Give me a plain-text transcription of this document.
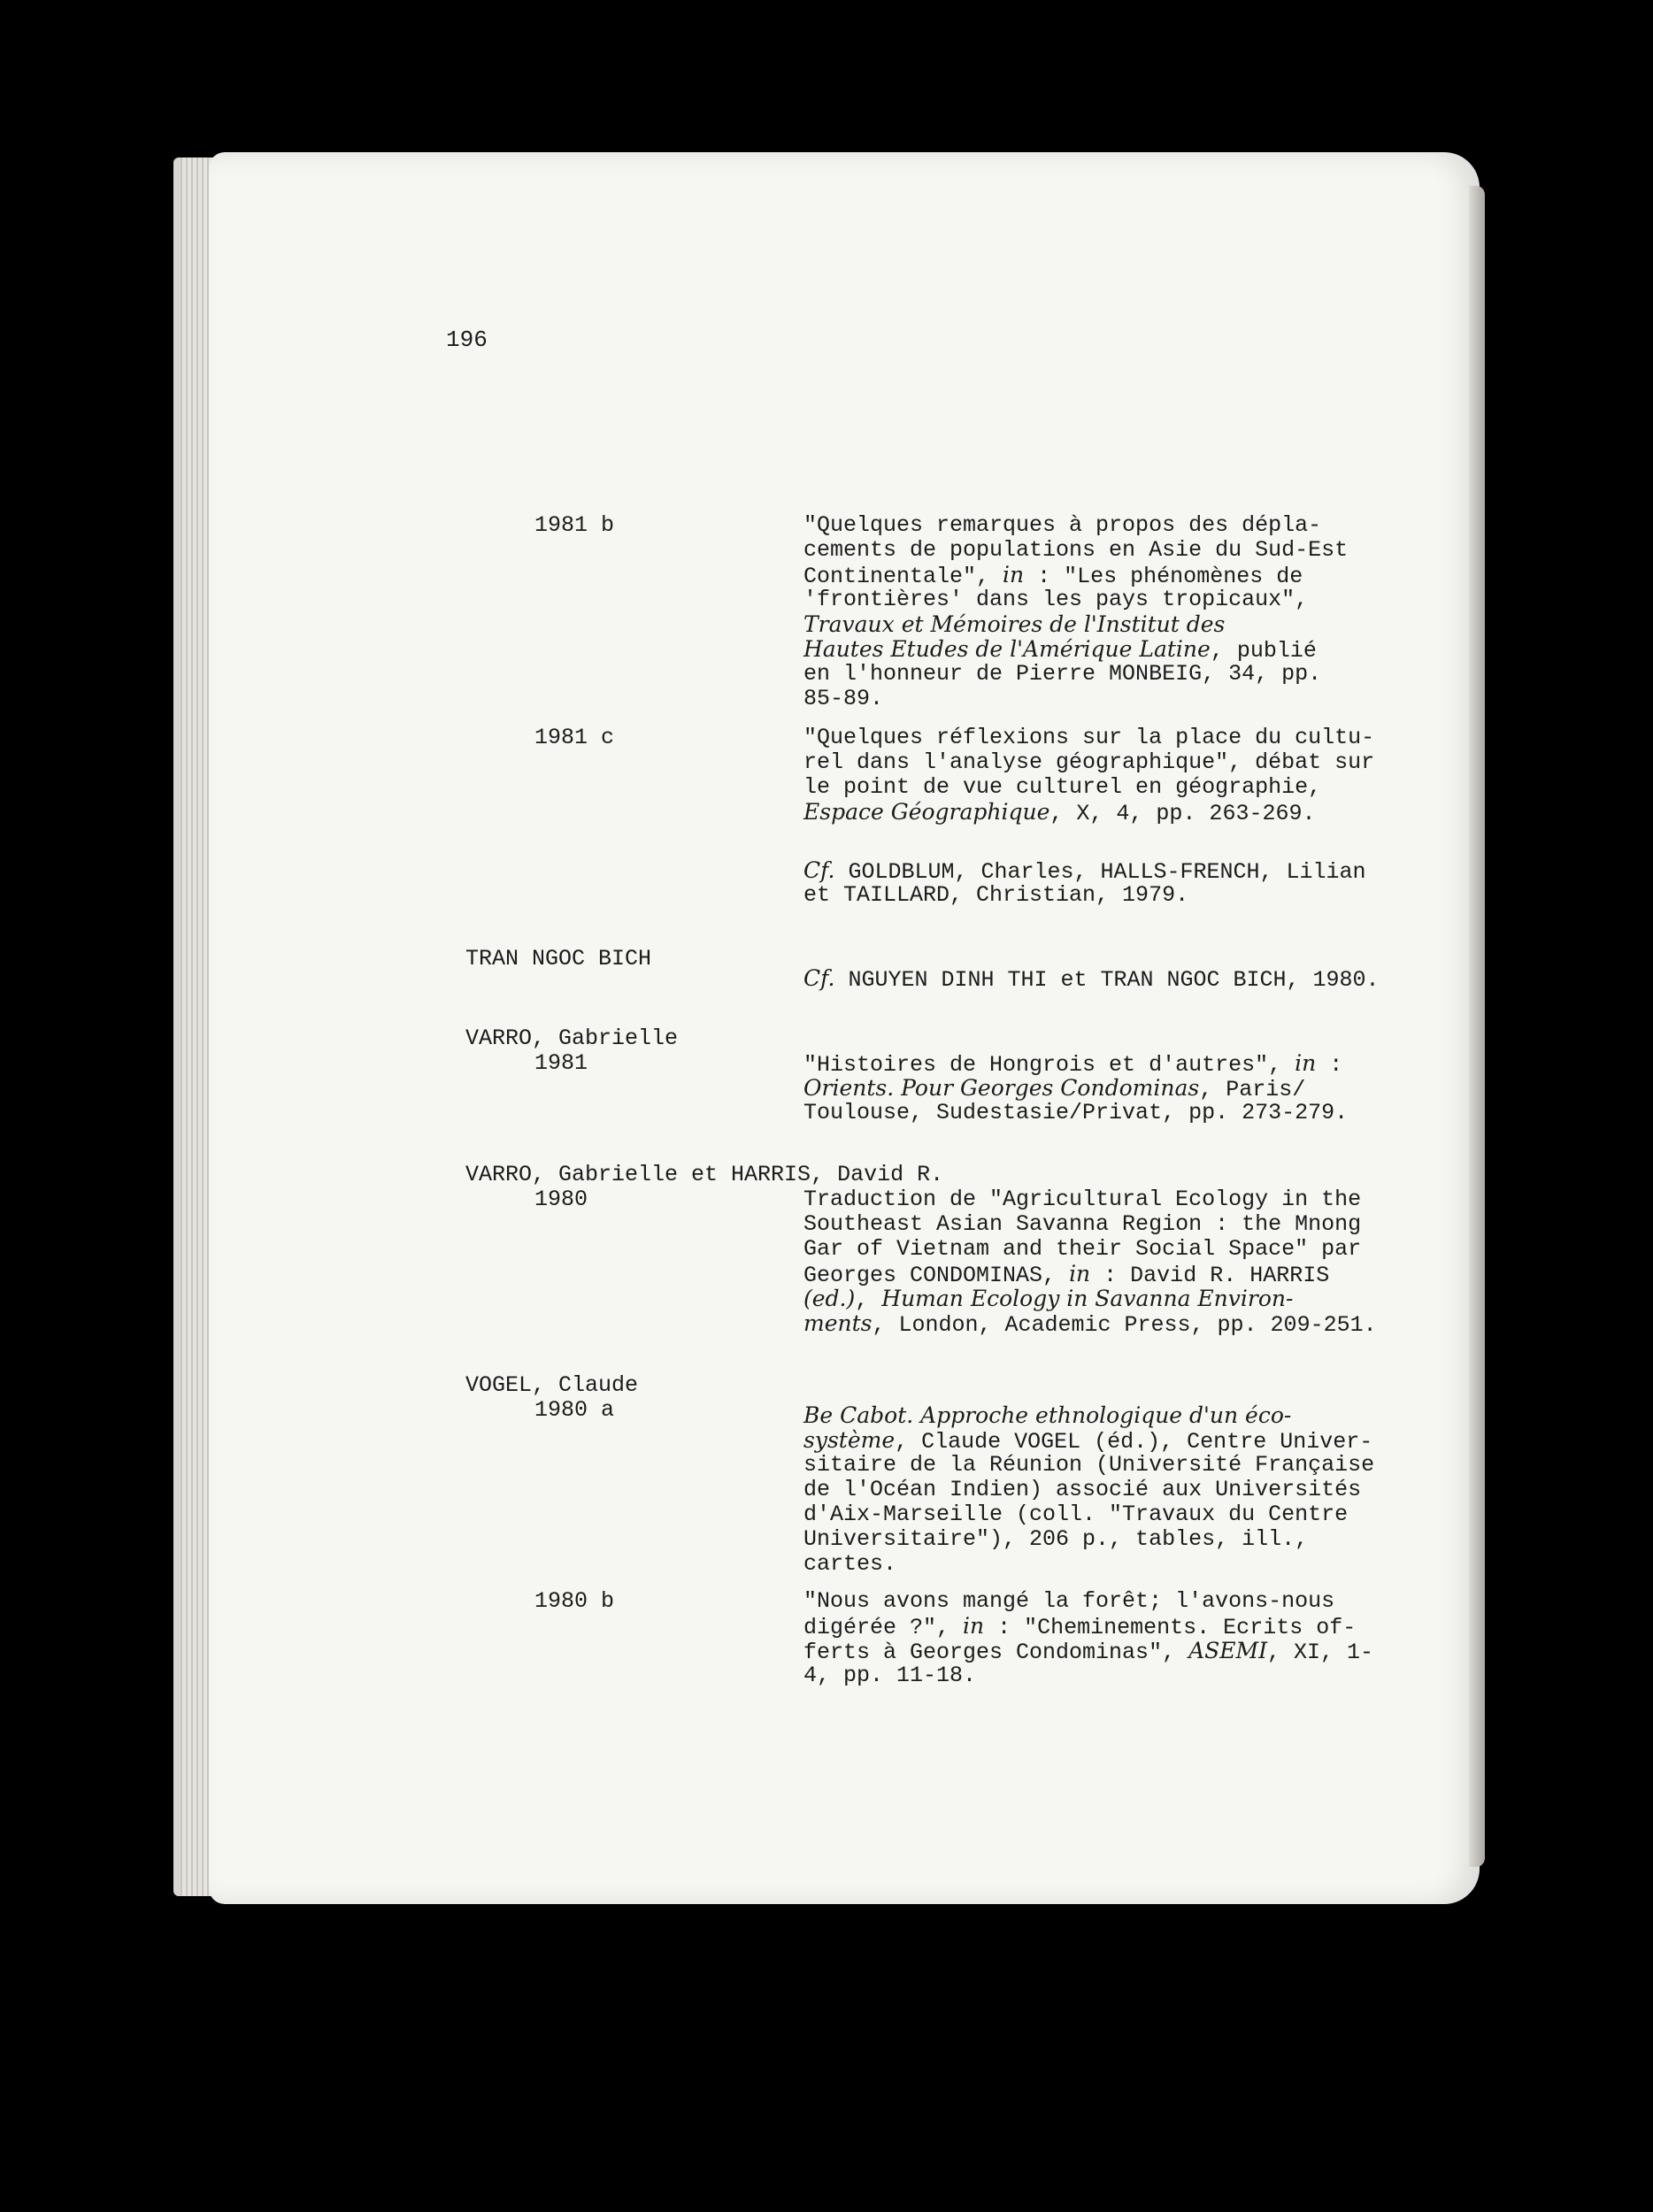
196
1981 b	"Quelques remarques à propos des dépla-
cements de populations en Asie du Sud-Est
Continentale", in : "Les phénomènes de
'frontières' dans les pays tropicaux",
Travaux et Mémoires de l'Institut des
Hautes Etudes de l'Amérique Latine, publié
en l'honneur de Pierre MONBEIG, 34, pp.
85-89.
1981 c	"Quelques réflexions sur la place du cultu-
rel dans l'analyse géographique", débat sur
le point de vue culturel en géographie,
Espace Géographique, X, 4, pp. 263-269.
Cf. GOLDBLUM, Charles, HALLS-FRENCH, Lilian
et TAILLARD, Christian, 1979.
TRAN NGOC BICH
Cf. NGUYEN DINH THI et TRAN NGOC BICH, 1980.
VARRO, Gabrielle
1981	"Histoires de Hongrois et d'autres", in :
Orients. Pour Georges Condominas, Paris/
Toulouse, Sudestasie/Privat, pp. 273-279.
VARRO, Gabrielle et HARRIS, David R.
1980	Traduction de "Agricultural Ecology in the
Southeast Asian Savanna Region : the Mnong
Gar of Vietnam and their Social Space" par
Georges CONDOMINAS, in : David R. HARRIS
(ed.), Human Ecology in Savanna Environ-
ments, London, Academic Press, pp. 209-251.
VOGEL, Claude
1980 a	Be Cabot. Approche ethnologique d'un éco-
système, Claude VOGEL (éd.), Centre Univer-
sitaire de la Réunion (Université Française
de l'Océan Indien) associé aux Universités
d'Aix-Marseille (coll. "Travaux du Centre
Universitaire"), 206 p., tables, ill.,
cartes.
1980 b	"Nous avons mangé la forêt; l'avons-nous
digérée ?", in : "Cheminements. Ecrits of-
ferts à Georges Condominas", ASEMI, XI, 1-
4, pp. 11-18.
